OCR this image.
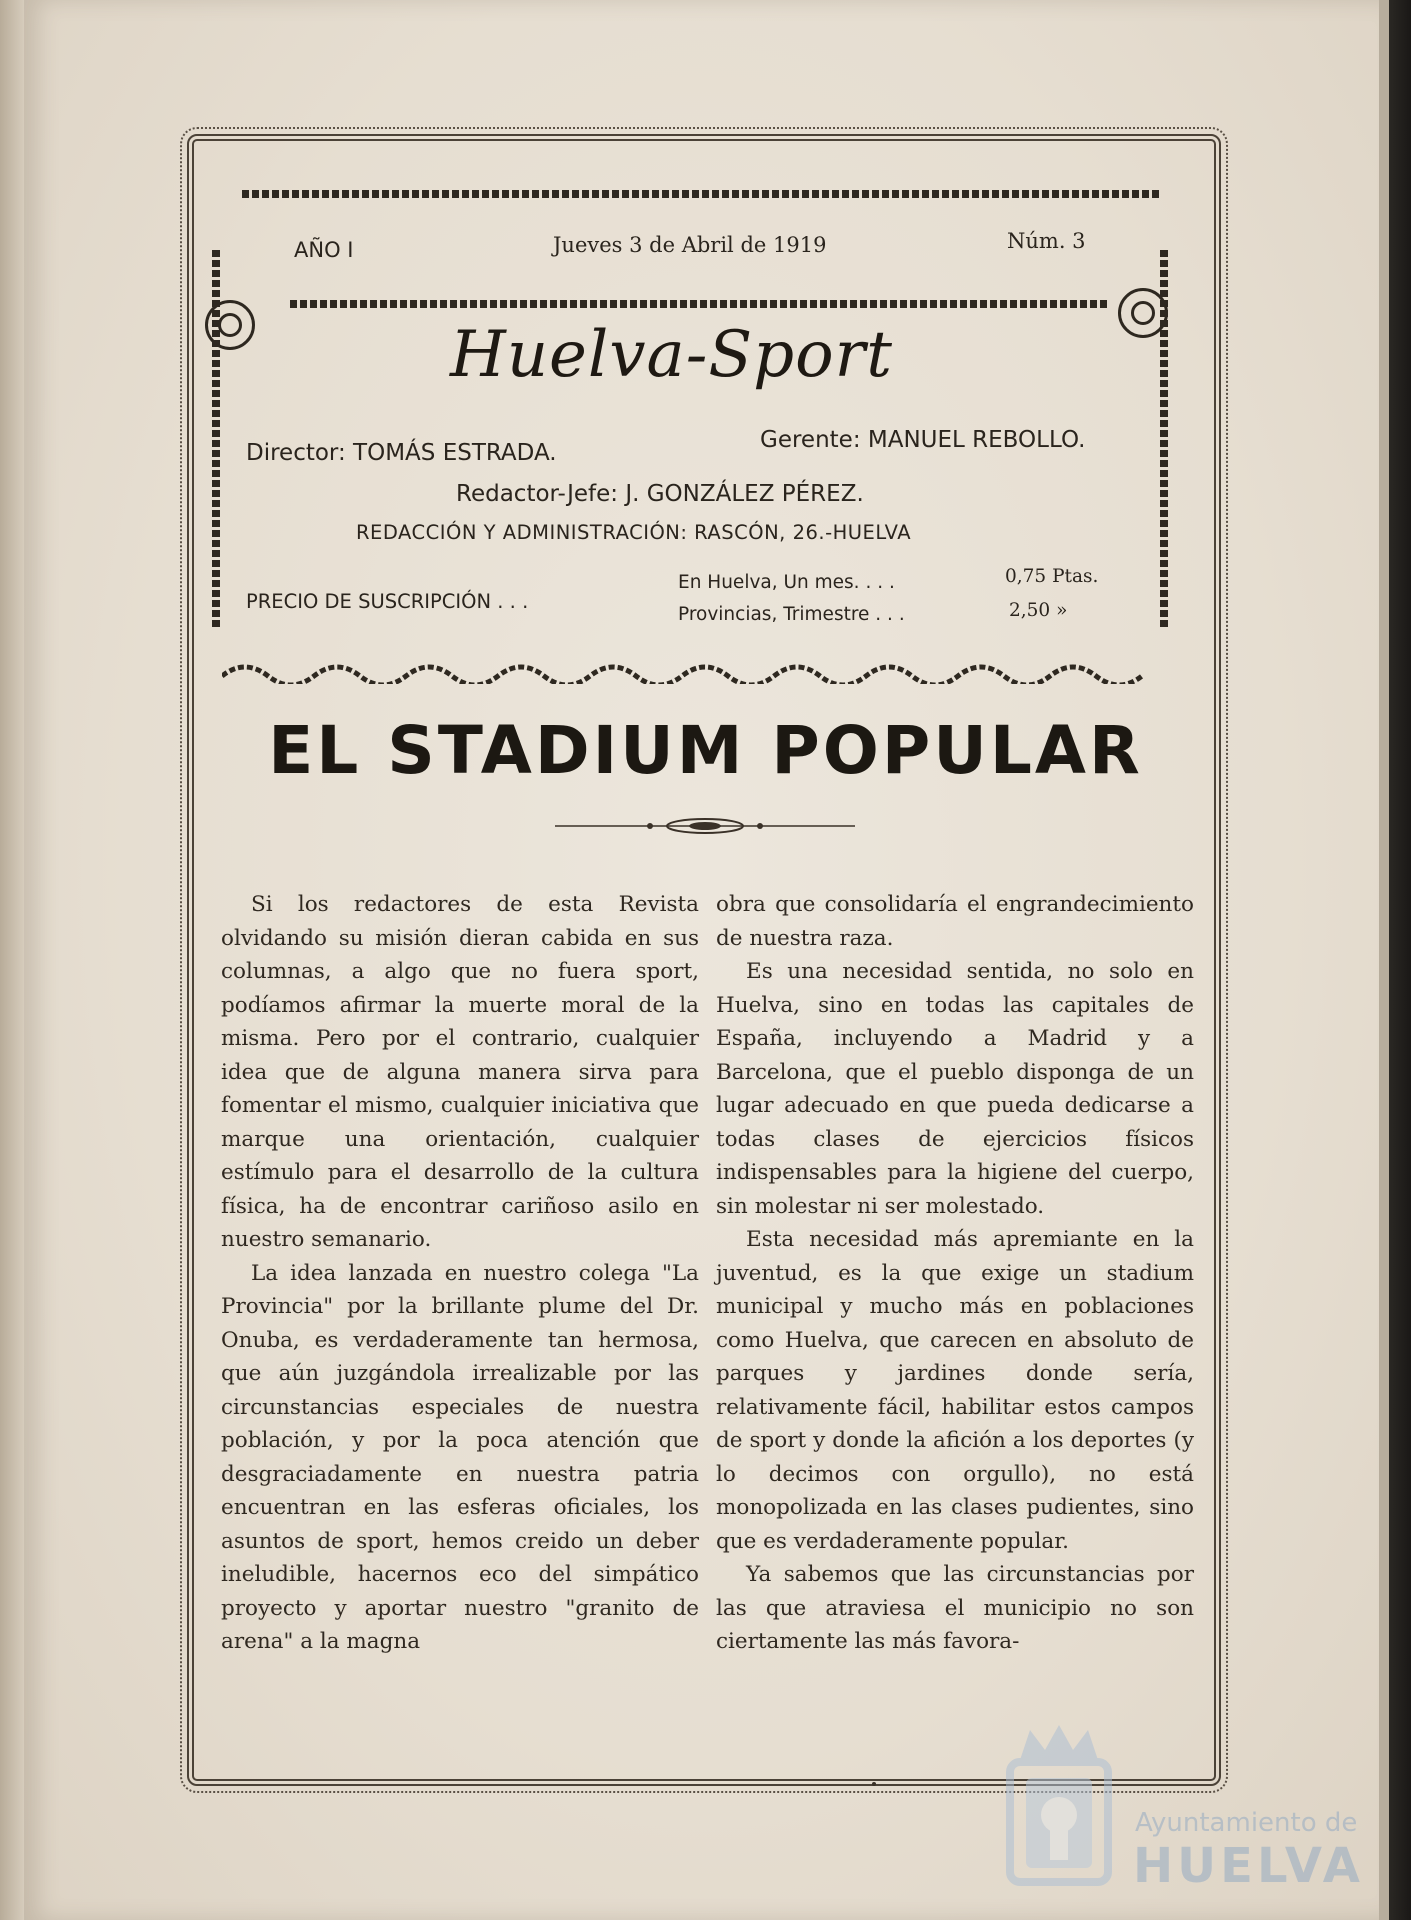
AÑO I	Jueves 3 de Abril de 1919	Núm. 3
Huelva-Sport
Director: TOMÁS ESTRADA.	Gerente: MANUEL REBOLLO.
Redactor-Jefe: J. GONZÁLEZ PÉREZ.
REDACCIÓN Y ADMINISTRACIÓN: RASCÓN, 26.-HUELVA
PRECIO DE SUSCRIPCIÓN . . .
En Huelva, Un mes. . . .	0,75 Ptas.
Provincias, Trimestre . . .	2,50 »
EL STADIUM POPULAR

Si los redactores de esta Revista olvidando su misión dieran cabida en sus columnas, a algo que no fuera sport, podíamos afirmar la muerte moral de la misma. Pero por el contrario, cualquier idea que de alguna manera sirva para fomentar el mismo, cualquier iniciativa que marque una orientación, cualquier estímulo para el desarrollo de la cultura física, ha de encontrar cariñoso asilo en nuestro semanario.

La idea lanzada en nuestro colega "La Provincia" por la brillante plume del Dr. Onuba, es verdaderamente tan hermosa, que aún juzgándola irrealizable por las circunstancias especiales de nuestra población, y por la poca atención que desgraciadamente en nuestra patria encuentran en las esferas oficiales, los asuntos de sport, hemos creido un deber ineludible, hacernos eco del simpático proyecto y aportar nuestro "granito de arena" a la magna

obra que consolidaría el engrandecimiento de nuestra raza.

Es una necesidad sentida, no solo en Huelva, sino en todas las capitales de España, incluyendo a Madrid y a Barcelona, que el pueblo disponga de un lugar adecuado en que pueda dedicarse a todas clases de ejercicios físicos indispensables para la higiene del cuerpo, sin molestar ni ser molestado.

Esta necesidad más apremiante en la juventud, es la que exige un stadium municipal y mucho más en poblaciones como Huelva, que carecen en absoluto de parques y jardines donde sería, relativamente fácil, habilitar estos campos de sport y donde la afición a los deportes (y lo decimos con orgullo), no está monopolizada en las clases pudientes, sino que es verdaderamente popular.

Ya sabemos que las circunstancias por las que atraviesa el municipio no son ciertamente las más favora-

Ayuntamiento de
HUELVA
